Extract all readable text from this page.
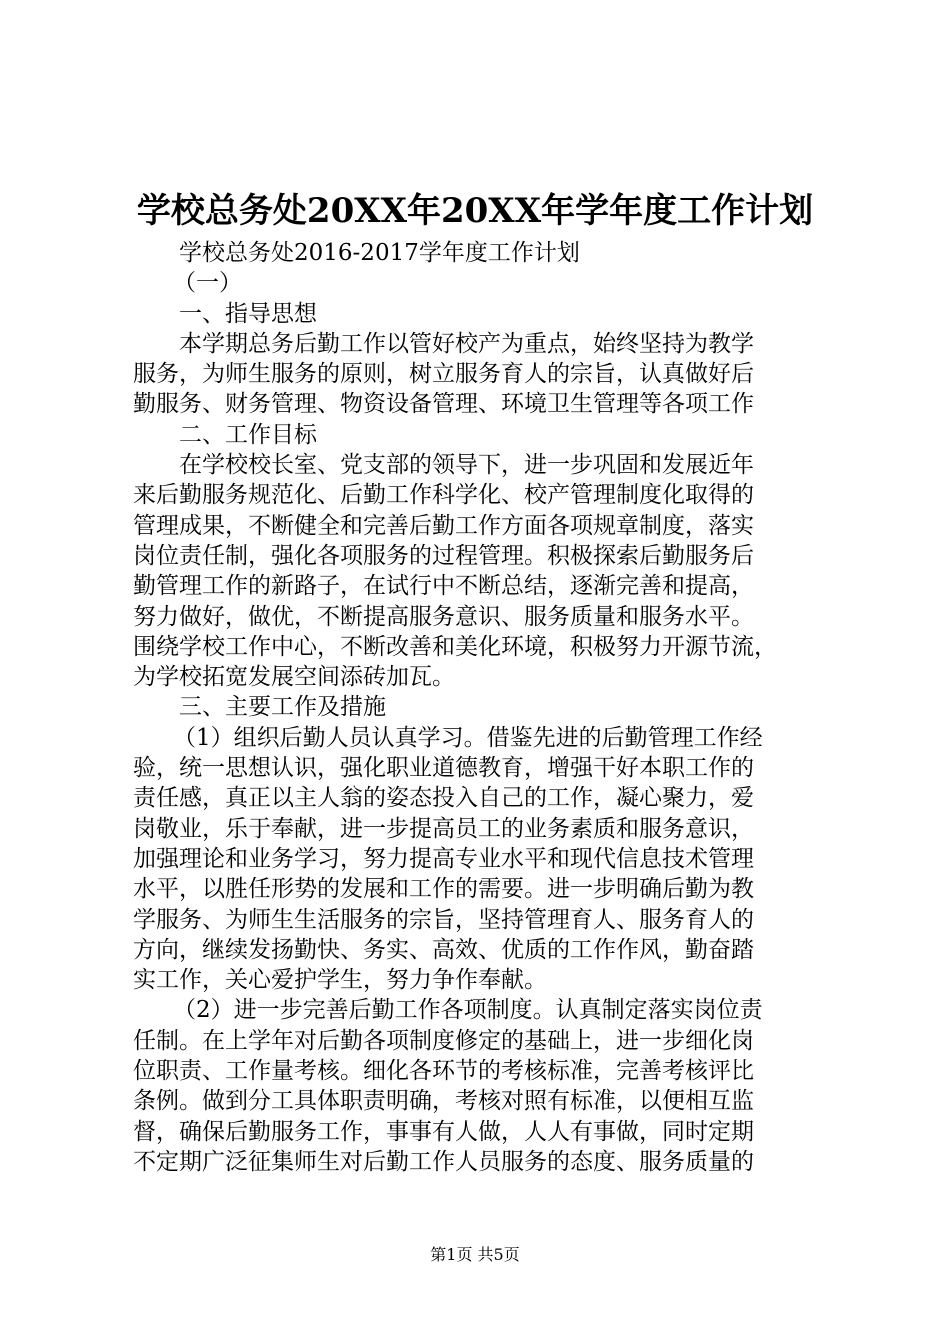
学校总务处20XX年20XX年学年度工作计划
学校总务处2016-2017学年度工作计划
（一）
一、指导思想
本学期总务后勤工作以管好校产为重点，始终坚持为教学
服务，为师生服务的原则，树立服务育人的宗旨，认真做好后
勤服务、财务管理、物资设备管理、环境卫生管理等各项工作
二、工作目标
在学校校长室、党支部的领导下，进一步巩固和发展近年
来后勤服务规范化、后勤工作科学化、校产管理制度化取得的
管理成果，不断健全和完善后勤工作方面各项规章制度，落实
岗位责任制，强化各项服务的过程管理。积极探索后勤服务后
勤管理工作的新路子，在试行中不断总结，逐渐完善和提高，
努力做好，做优，不断提高服务意识、服务质量和服务水平。
围绕学校工作中心，不断改善和美化环境，积极努力开源节流，
为学校拓宽发展空间添砖加瓦。
三、主要工作及措施
（1）组织后勤人员认真学习。借鉴先进的后勤管理工作经
验，统一思想认识，强化职业道德教育，增强干好本职工作的
责任感，真正以主人翁的姿态投入自己的工作，凝心聚力，爱
岗敬业，乐于奉献，进一步提高员工的业务素质和服务意识，
加强理论和业务学习，努力提高专业水平和现代信息技术管理
水平，以胜任形势的发展和工作的需要。进一步明确后勤为教
学服务、为师生生活服务的宗旨，坚持管理育人、服务育人的
方向，继续发扬勤快、务实、高效、优质的工作作风，勤奋踏
实工作，关心爱护学生，努力争作奉献。
（2）进一步完善后勤工作各项制度。认真制定落实岗位责
任制。在上学年对后勤各项制度修定的基础上，进一步细化岗
位职责、工作量考核。细化各环节的考核标准，完善考核评比
条例。做到分工具体职责明确，考核对照有标准，以便相互监
督，确保后勤服务工作，事事有人做，人人有事做，同时定期
不定期广泛征集师生对后勤工作人员服务的态度、服务质量的
第1页 共5页
